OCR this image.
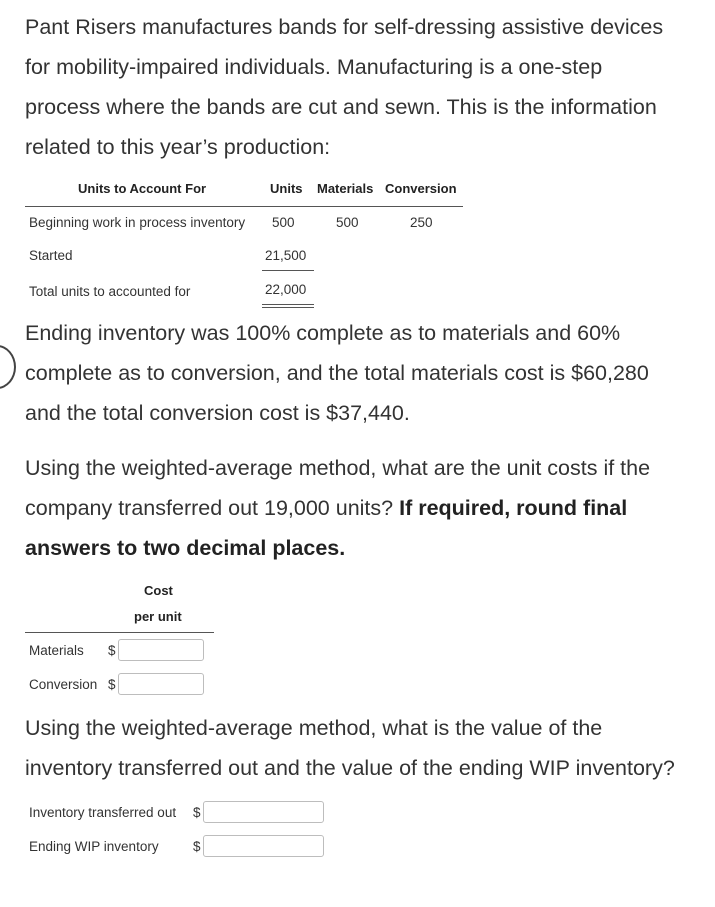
Pant Risers manufactures bands for self-dressing assistive devices
for mobility-impaired individuals. Manufacturing is a one-step
process where the bands are cut and sewn. This is the information
related to this year’s production:
Units to Account For	Units Materials Conversion
Beginning work in process inventory 500	500	250
Started	21,500
Total units to accounted for	22,000
Ending inventory was 100% complete as to materials and 60%
complete as to conversion, and the total materials cost is $60,280
and the total conversion cost is $37,440.
Using the weighted-average method, what are the unit costs if the
company transferred out 19,000 units? If required, round final
answers to two decimal places.
Cost
per unit
Materials $
Conversion $
Using the weighted-average method, what is the value of the
inventory transferred out and the value of the ending WIP inventory?
Inventory transferred out $
Ending WIP inventory	$
